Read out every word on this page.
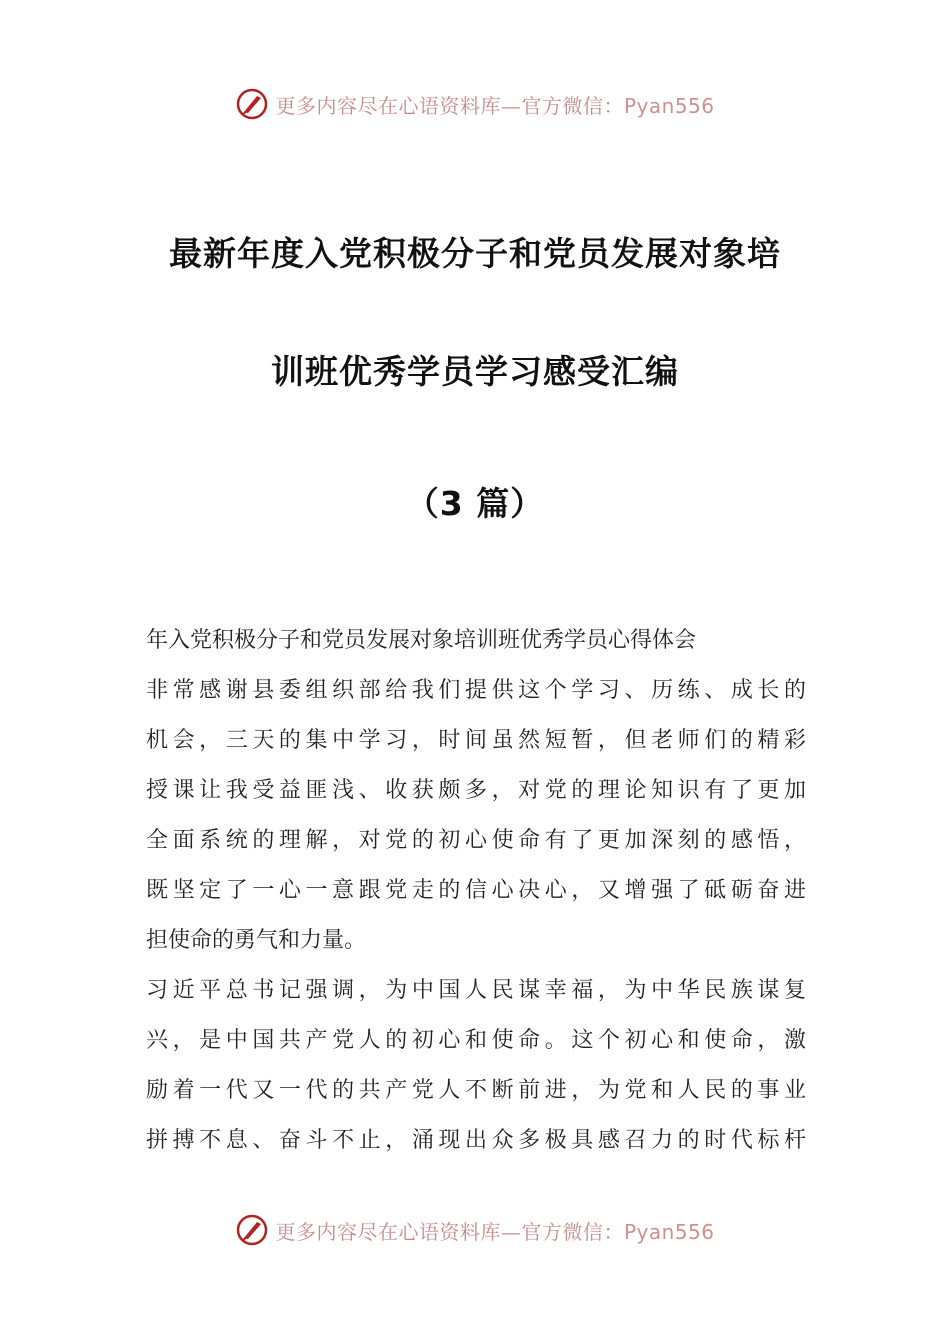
更多内容尽在心语资料库—官方微信：Pyan556
最新年度入党积极分子和党员发展对象培
训班优秀学员学习感受汇编
（3 篇）

年入党积极分子和党员发展对象培训班优秀学员心得体会

非常感谢县委组织部给我们提供这个学习、历练、成长的

机会，三天的集中学习，时间虽然短暂，但老师们的精彩

授课让我受益匪浅、收获颇多，对党的理论知识有了更加

全面系统的理解，对党的初心使命有了更加深刻的感悟，

既坚定了一心一意跟党走的信心决心，又增强了砥砺奋进

担使命的勇气和力量。

习近平总书记强调，为中国人民谋幸福，为中华民族谋复

兴，是中国共产党人的初心和使命。这个初心和使命，激

励着一代又一代的共产党人不断前进，为党和人民的事业

拼搏不息、奋斗不止，涌现出众多极具感召力的时代标杆

更多内容尽在心语资料库—官方微信：Pyan556
